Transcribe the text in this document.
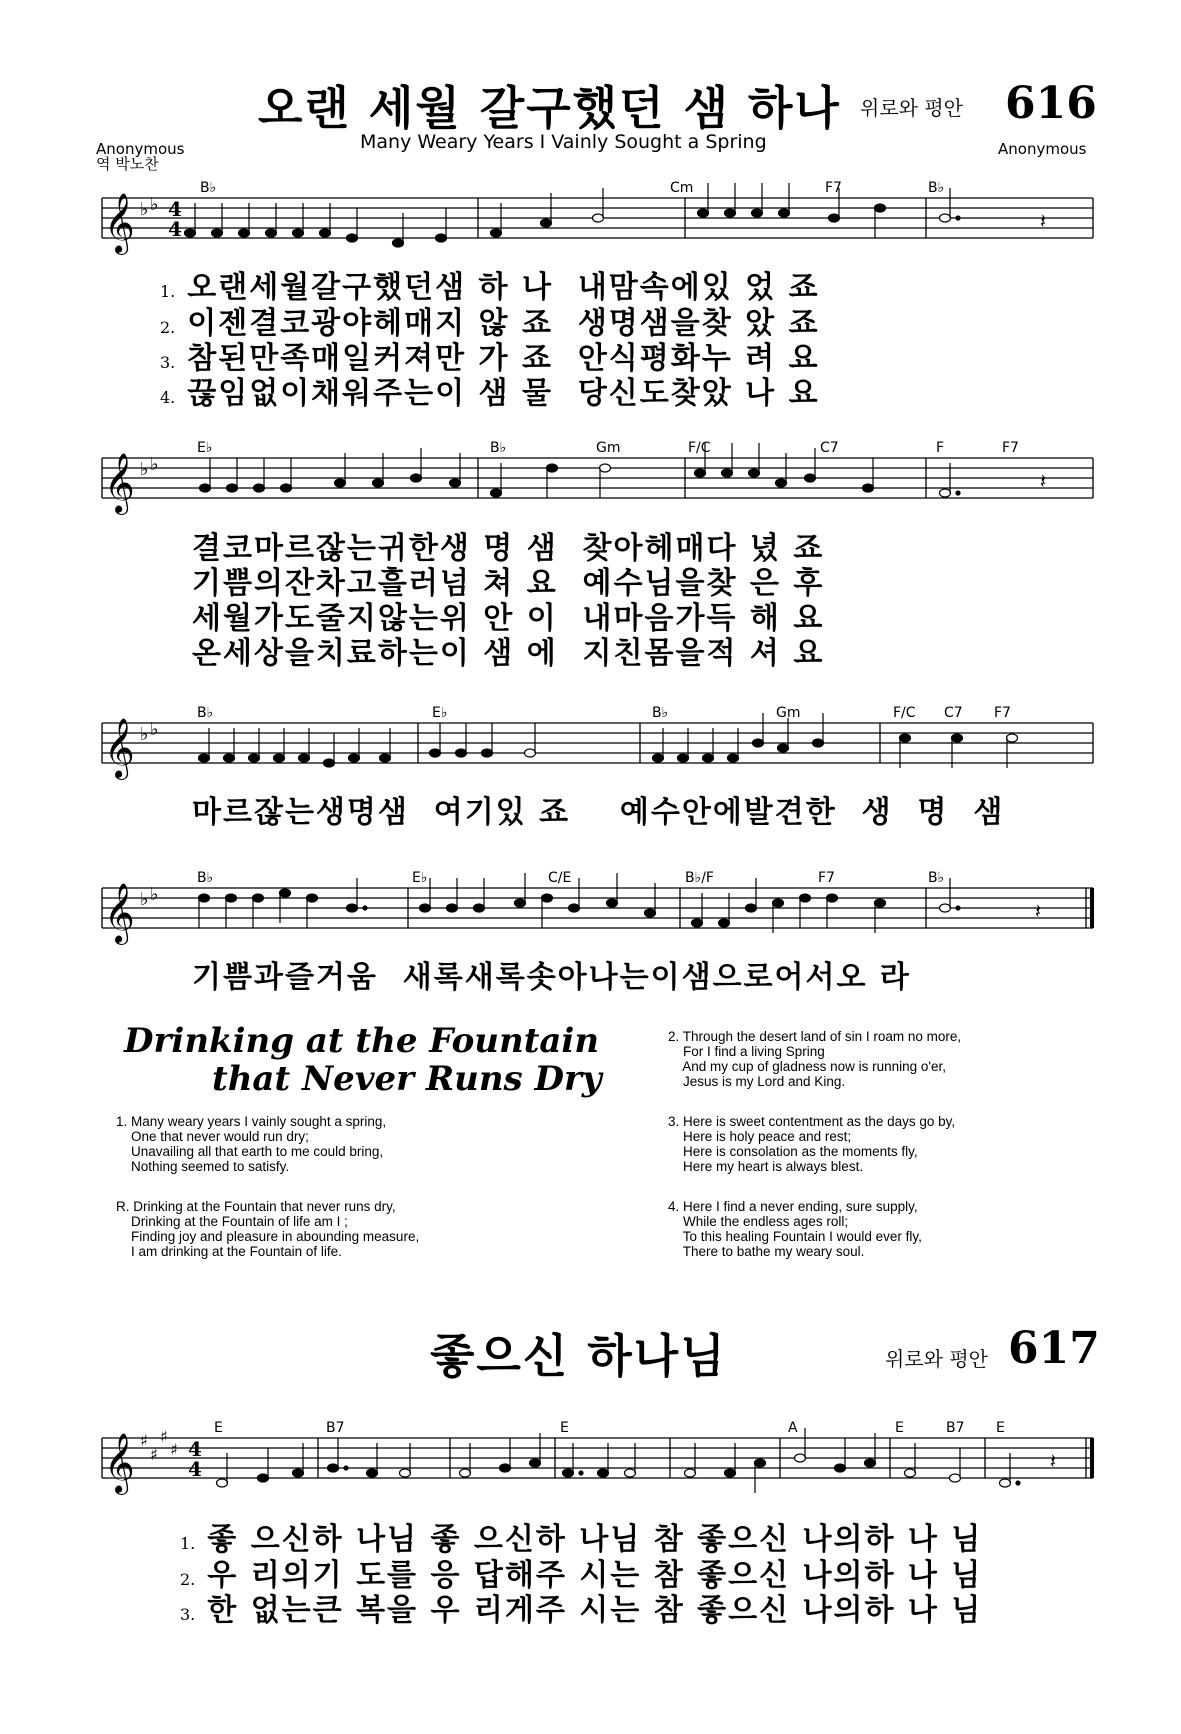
오랜 세월 갈구했던 샘 하나 위로와 평안 616
Many Weary Years I Vainly Sought a Spring
Anonymous
역 박노찬
Anonymous
𝄞 ♭ ♭ 4
4	𝄽
B♭	Cm	F7	B♭
1. 오랜세월갈구했던샘 하 나  내맘속에있 었 죠
2. 이젠결코광야헤매지 않 죠  생명샘을찾 았 죠
3. 참된만족매일커져만 가 죠  안식평화누 려 요
4. 끊임없이채워주는이 샘 물  당신도찾았 나 요
𝄞 ♭ ♭
𝄽
E♭	B♭	Gm	F/C	C7	F	F7
결코마르잖는귀한생 명 샘  찾아헤매다 녔 죠
기쁨의잔차고흘러넘 쳐 요  예수님을찾 은 후
세월가도줄지않는위 안 이  내마음가득 해 요
온세상을치료하는이 샘 에  지친몸을적 셔 요
𝄞 ♭ ♭
B♭	E♭	B♭	Gm	F/C C7 F7
마르잖는생명샘  여기있 죠    예수안에발견한  생  명  샘
𝄞 ♭ ♭
𝄽
B♭	E♭	C/E	B♭/F	F7	B♭
기쁨과즐거움  새록새록솟아나는이샘으로어서오 라
Drinking at the Fountain
that Never Runs Dry
1. Many weary years I vainly sought a spring,
One that never would run dry;
Unavailing all that earth to me could bring,
Nothing seemed to satisfy.
R. Drinking at the Fountain that never runs dry,
Drinking at the Fountain of life am I ;
Finding joy and pleasure in abounding measure,
I am drinking at the Fountain of life.
2. Through the desert land of sin I roam no more,
For I find a living Spring
And my cup of gladness now is running o'er,
Jesus is my Lord and King.
3. Here is sweet contentment as the days go by,
Here is holy peace and rest;
Here is consolation as the moments fly,
Here my heart is always blest.
4. Here I find a never ending, sure supply,
While the endless ages roll;
To this healing Fountain I would ever fly,
There to bathe my weary soul.
좋으신 하나님	위로와 평안 617
𝄞 ♯
♯
♯
♯ 4
4	𝄽
E	B7	E	A	E	B7 E
1. 좋 으신하 나님 좋 으신하 나님 참 좋으신 나의하 나 님
2. 우 리의기 도를 응 답해주 시는 참 좋으신 나의하 나 님
3. 한 없는큰 복을 우 리게주 시는 참 좋으신 나의하 나 님
